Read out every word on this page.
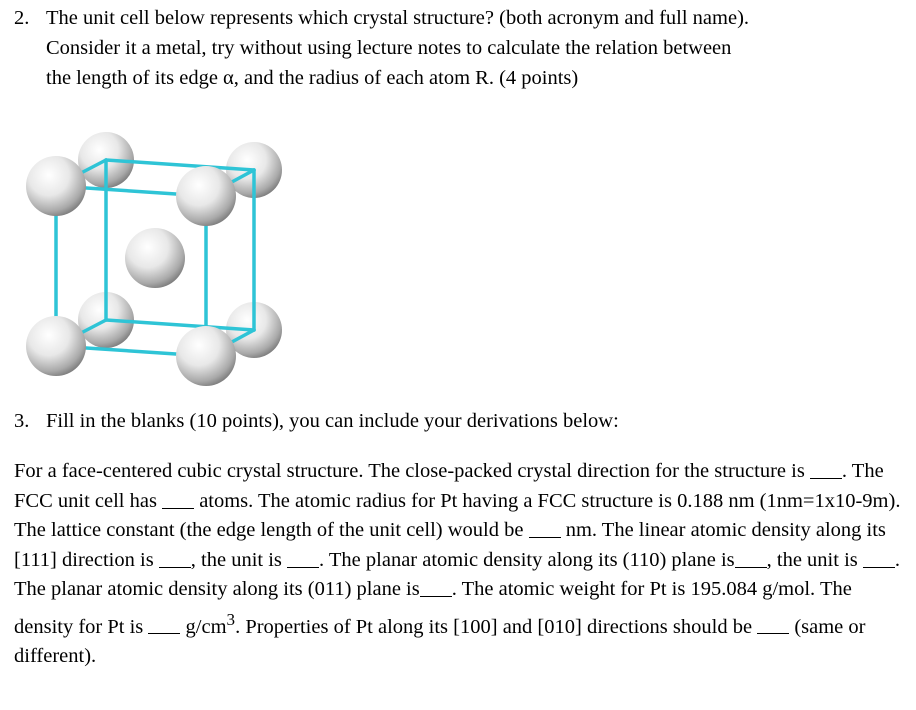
2. The unit cell below represents which crystal structure? (both acronym and full name).
Consider it a metal, try without using lecture notes to calculate the relation between
the length of its edge α, and the radius of each atom R. (4 points)
3. Fill in the blanks (10 points), you can include your derivations below:
For a face-centered cubic crystal structure. The close-packed crystal direction for the structure is . The FCC unit cell has  atoms. The atomic radius for Pt having a FCC structure is 0.188 nm (1nm=1x10-9m). The lattice constant (the edge length of the unit cell) would be  nm. The linear atomic density along its [111] direction is , the unit is . The planar atomic density along its (110) plane is , the unit is . The planar atomic density along its (011) plane is . The atomic weight for Pt is 195.084 g/mol. The density for Pt is  $g/cm^3$. Properties of Pt along its [100] and [010] directions should be  (same or different).
